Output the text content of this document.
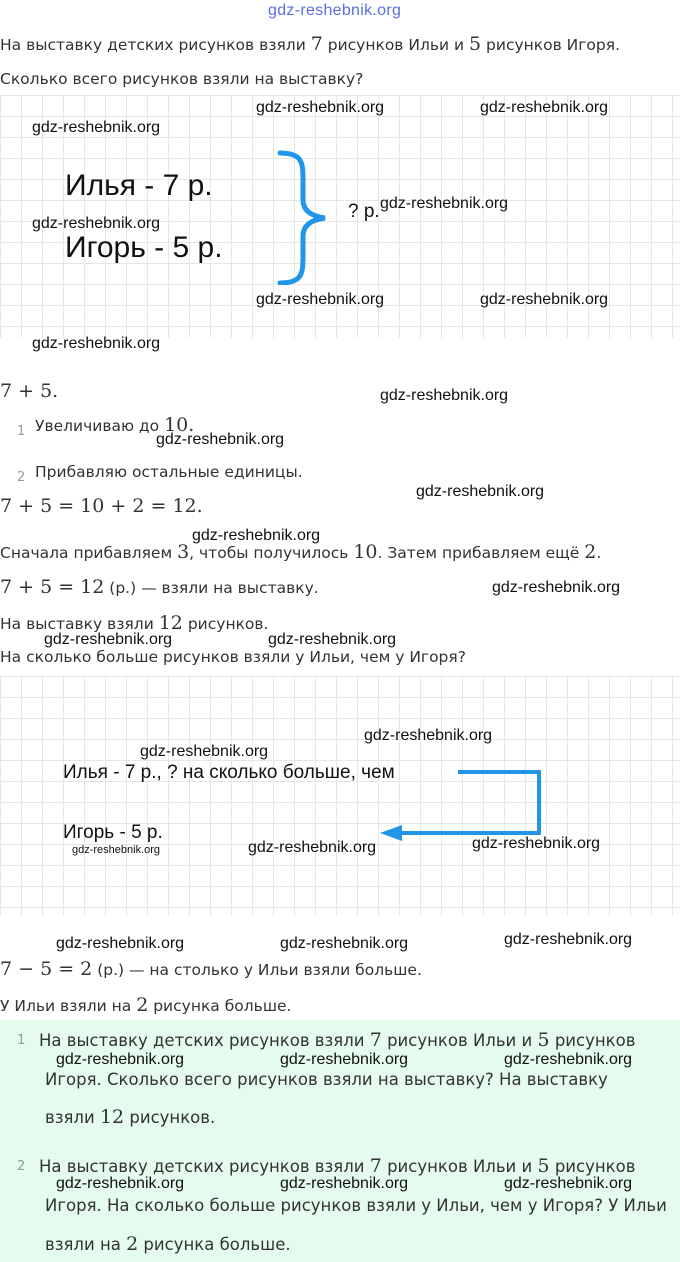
gdz-reshebnik.org
На выставку детских рисунков взяли 7 рисунков Ильи и 5 рисунков Игоря.
Сколько всего рисунков взяли на выставку?
Илья - 7 р.
Игорь - 5 р.
? р.
7 + 5.
1 Увеличиваю до 10.
2 Прибавляю остальные единицы.
7 + 5 = 10 + 2 = 12.
Сначала прибавляем 3, чтобы получилось 10. Затем прибавляем ещё 2.
7 + 5 = 12 (р.) — взяли на выставку.
На выставку взяли 12 рисунков.
На сколько больше рисунков взяли у Ильи, чем у Игоря?
Илья - 7 р., ? на сколько больше, чем
Игорь - 5 р.
7 − 5 = 2 (р.) — на столько у Ильи взяли больше.
У Ильи взяли на 2 рисунка больше.
1 На выставку детских рисунков взяли 7 рисунков Ильи и 5 рисунков
Игоря. Сколько всего рисунков взяли на выставку? На выставку
взяли 12 рисунков.
2 На выставку детских рисунков взяли 7 рисунков Ильи и 5 рисунков
Игоря. На сколько больше рисунков взяли у Ильи, чем у Игоря? У Ильи
взяли на 2 рисунка больше.
gdz-reshebnik.org	gdz-reshebnik.org
gdz-reshebnik.org
gdz-reshebnik.org
gdz-reshebnik.org
gdz-reshebnik.org	gdz-reshebnik.org
gdz-reshebnik.org
gdz-reshebnik.org
gdz-reshebnik.org
gdz-reshebnik.org
gdz-reshebnik.org
gdz-reshebnik.org
gdz-reshebnik.org	gdz-reshebnik.org
gdz-reshebnik.org
gdz-reshebnik.org
gdz-reshebnik.org	gdz-reshebnik.org
gdz-reshebnik.org
gdz-reshebnik.org	gdz-reshebnik.org	gdz-reshebnik.org
gdz-reshebnik.org	gdz-reshebnik.org	gdz-reshebnik.org
gdz-reshebnik.org	gdz-reshebnik.org	gdz-reshebnik.org
